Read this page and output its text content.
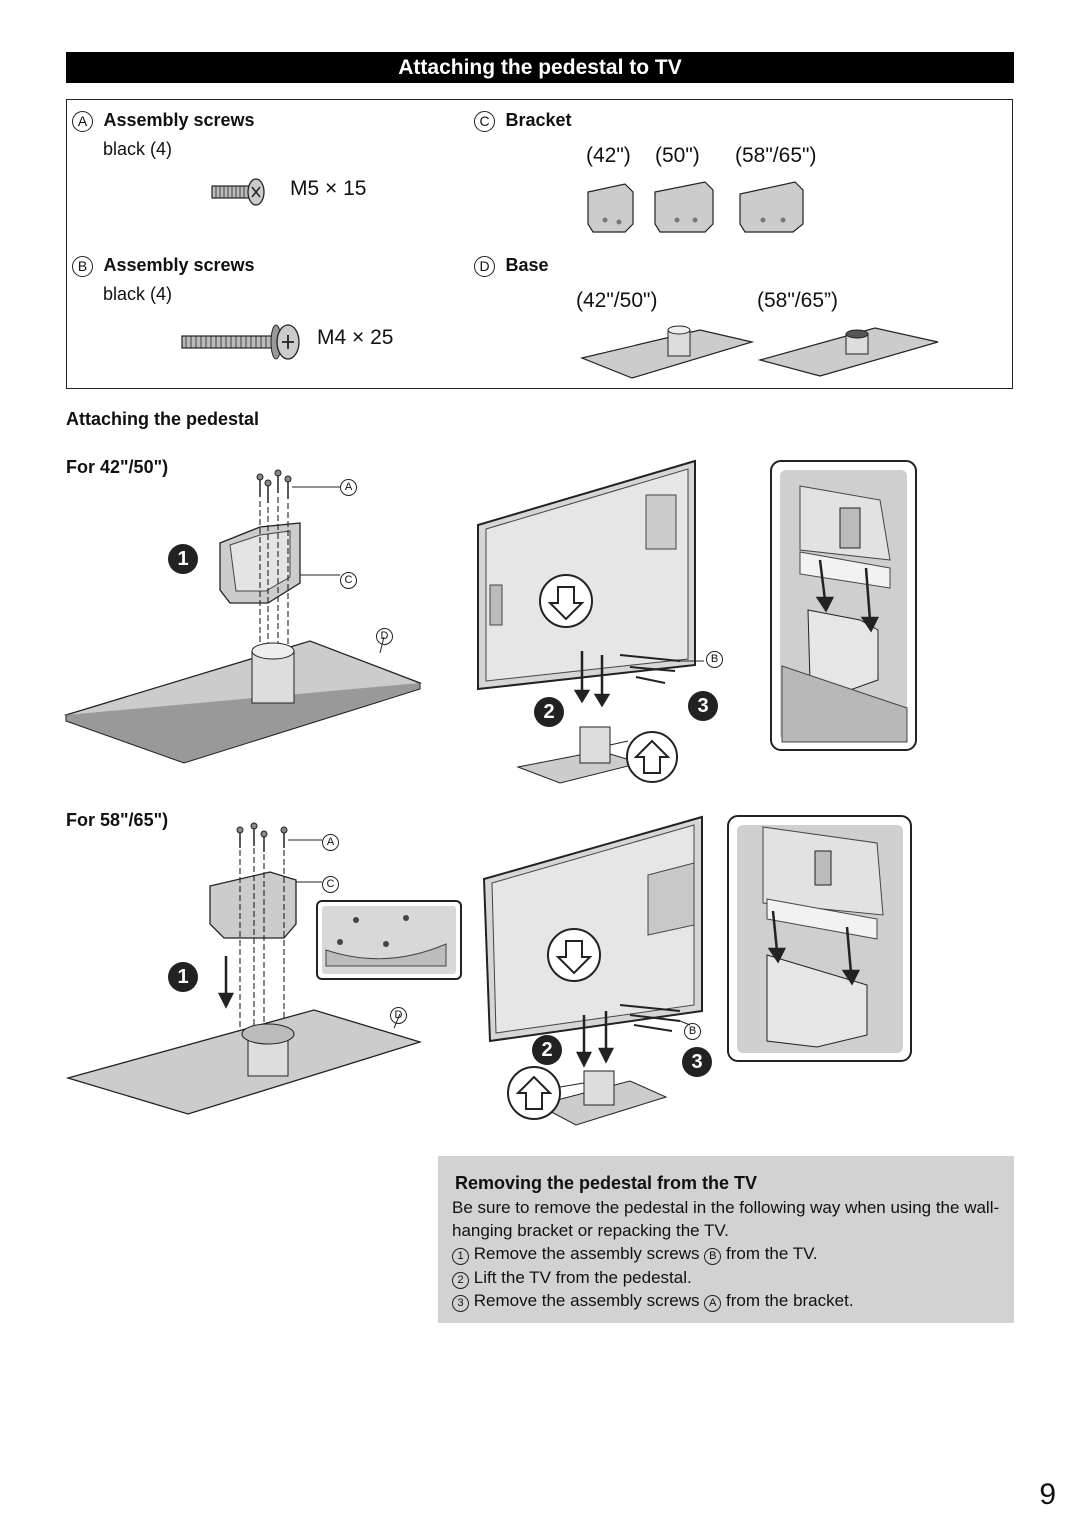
Attaching the pedestal to TV
A Assembly screws
black (4)
M5 × 15
B Assembly screws
black (4)
M4 × 25
C Bracket
(42") (50") (58"/65")
D Base
(42"/50")	(58"/65”)
Attaching the pedestal
For 42"/50")
For 58"/65")
1
A
C
D
B
2	3
1
A
C
D
B
2
3
Removing the pedestal from the TV
Be sure to remove the pedestal in the following way when using the wall-hanging bracket or repacking the TV.
1 Remove the assembly screws B from the TV.
2 Lift the TV from the pedestal.
3 Remove the assembly screws A from the bracket.
9
